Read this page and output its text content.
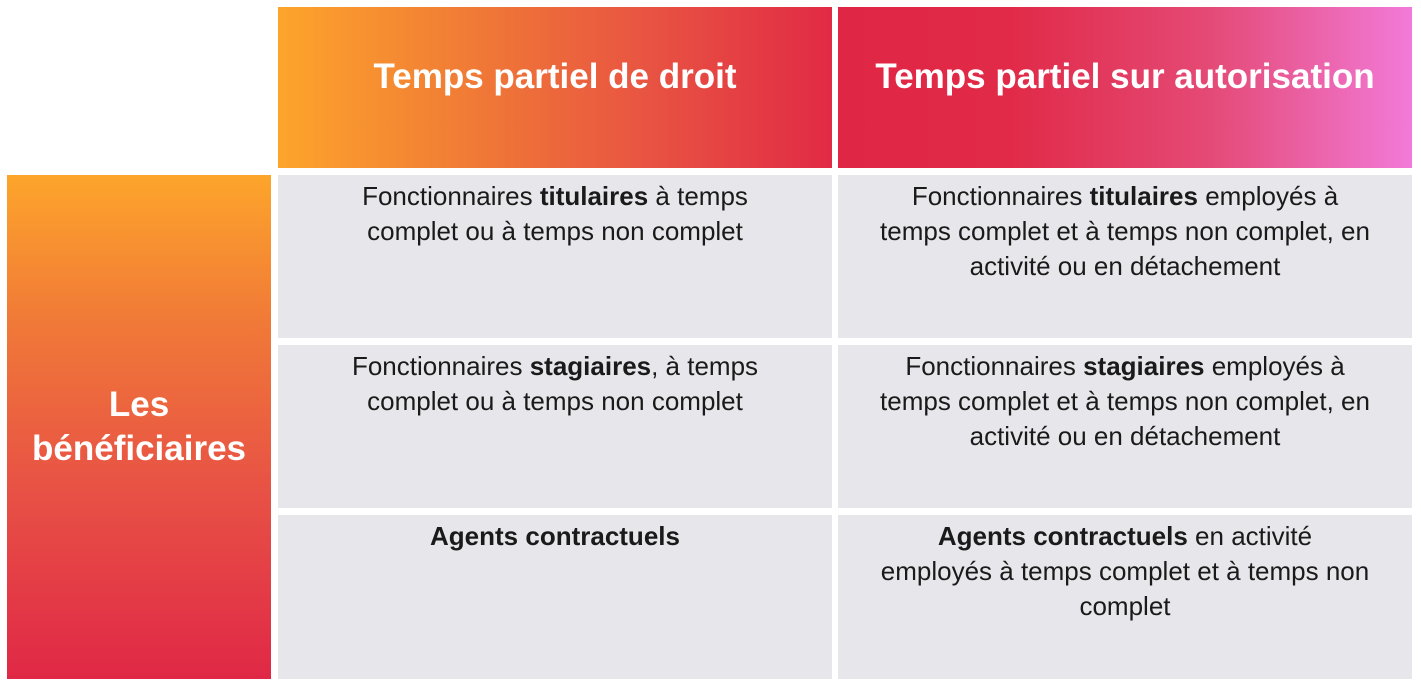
Temps partiel de droit	Temps partiel sur autorisation
Les
bénéficiaires
Fonctionnaires titulaires à temps
complet ou à temps non complet
Fonctionnaires titulaires employés à
temps complet et à temps non complet, en
activité ou en détachement
Fonctionnaires stagiaires, à temps
complet ou à temps non complet
Fonctionnaires stagiaires employés à
temps complet et à temps non complet, en
activité ou en détachement
Agents contractuels	Agents contractuels en activité
employés à temps complet et à temps non
complet
